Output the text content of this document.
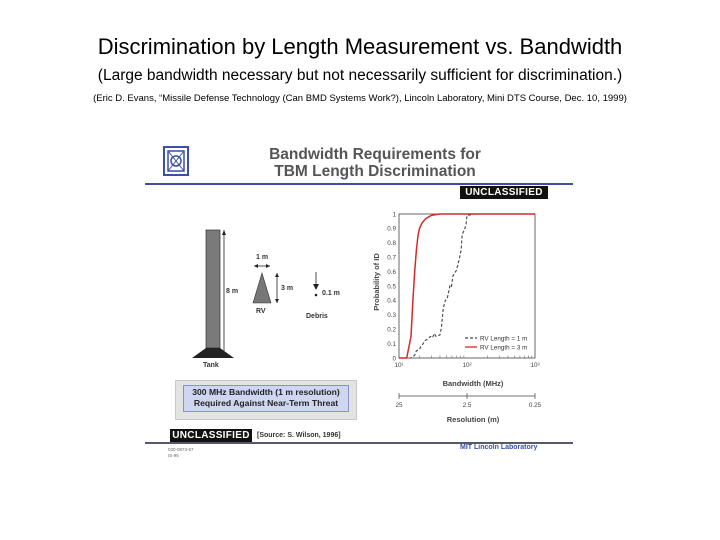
Discrimination by Length Measurement vs. Bandwidth
(Large bandwidth necessary but not necessarily sufficient for discrimination.)
(Eric D. Evans, “Missile Defense Technology (Can BMD Systems Work?), Lincoln Laboratory, Mini DTS Course, Dec. 10, 1999)
Bandwidth Requirements for
TBM Length Discrimination
UNCLASSIFIED
8 m
Tank
1 m
3 m
RV
0.1 m
Debris
300 MHz Bandwidth (1 m resolution)
Required Against Near-Term Threat
0
0.1
0.2
0.3
0.4
0.5
0.6
0.7
0.8
0.9
1
10¹	10²	10³
25	2.5	0.25
RV Length = 1 m
RV Length = 3 m
Probability of ID
Bandwidth (MHz)
Resolution (m)
UNCLASSIFIED	[Source: S. Wilson, 1996]
MIT Lincoln Laboratory
030-0873-57
IS-95
